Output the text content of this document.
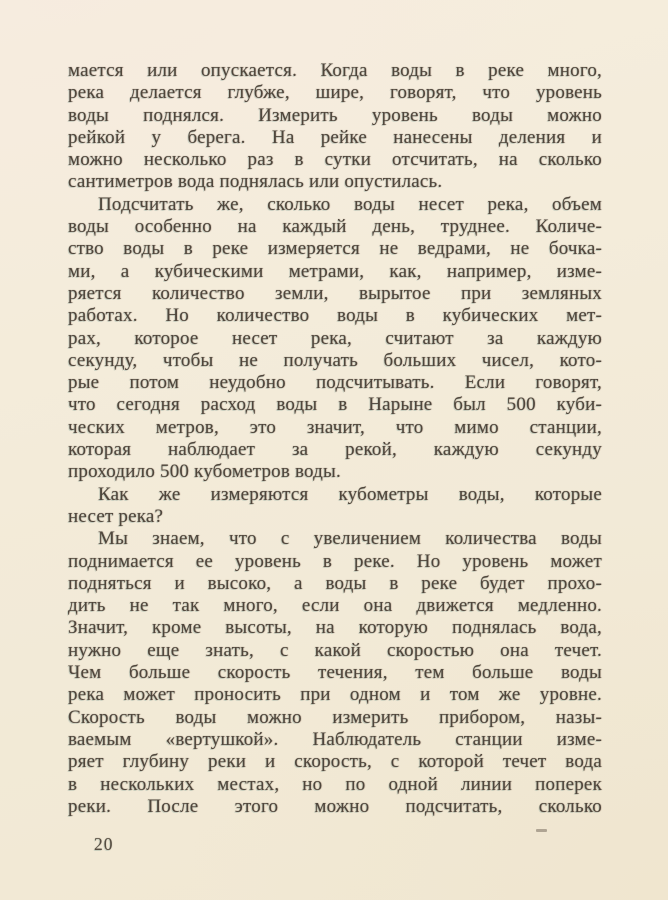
мается или опускается. Когда воды в реке много,
река делается глубже, шире, говорят, что уровень
воды поднялся. Измерить уровень воды можно
рейкой у берега. На рейке нанесены деления и
можно несколько раз в сутки отсчитать, на сколько
сантиметров вода поднялась или опустилась.
Подсчитать же, сколько воды несет река, объем
воды особенно на каждый день, труднее. Количе-
ство воды в реке измеряется не ведрами, не бочка-
ми, а кубическими метрами, как, например, изме-
ряется количество земли, вырытое при земляных
работах. Но количество воды в кубических мет-
рах, которое несет река, считают за каждую
секунду, чтобы не получать больших чисел, кото-
рые потом неудобно подсчитывать. Если говорят,
что сегодня расход воды в Нарыне был 500 куби-
ческих метров, это значит, что мимо станции,
которая наблюдает за рекой, каждую секунду
проходило 500 кубометров воды.
Как же измеряются кубометры воды, которые
несет река?
Мы знаем, что с увеличением количества воды
поднимается ее уровень в реке. Но уровень может
подняться и высоко, а воды в реке будет прохо-
дить не так много, если она движется медленно.
Значит, кроме высоты, на которую поднялась вода,
нужно еще знать, с какой скоростью она течет.
Чем больше скорость течения, тем больше воды
река может проносить при одном и том же уровне.
Скорость воды можно измерить прибором, назы-
ваемым «вертушкой». Наблюдатель станции изме-
ряет глубину реки и скорость, с которой течет вода
в нескольких местах, но по одной линии поперек
реки. После этого можно подсчитать, сколько
20
